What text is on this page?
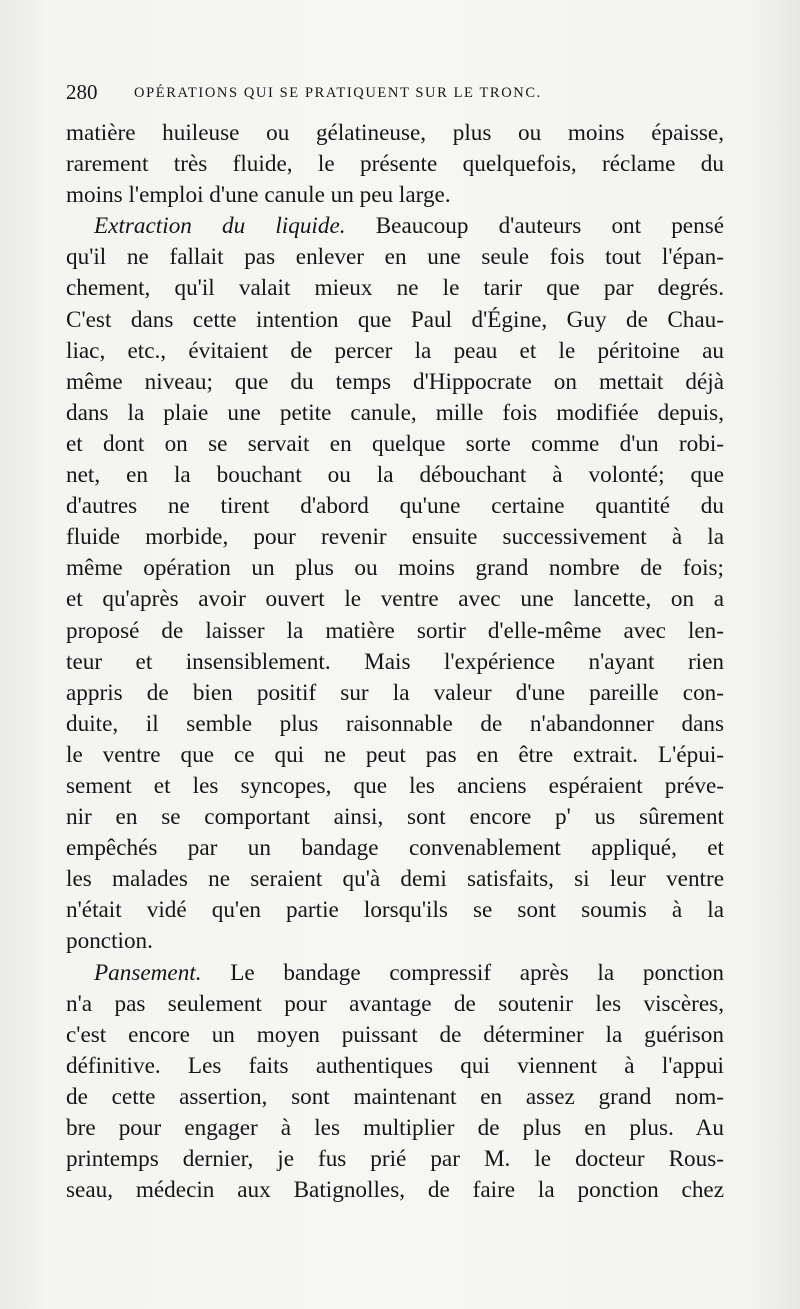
280	OPÉRATIONS QUI SE PRATIQUENT SUR LE TRONC.
matière huileuse ou gélatineuse, plus ou moins épaisse,
rarement très fluide, le présente quelquefois, réclame du
moins l'emploi d'une canule un peu large.
Extraction du liquide. Beaucoup d'auteurs ont pensé
qu'il ne fallait pas enlever en une seule fois tout l'épan-
chement, qu'il valait mieux ne le tarir que par degrés.
C'est dans cette intention que Paul d'Égine, Guy de Chau-
liac, etc., évitaient de percer la peau et le péritoine au
même niveau; que du temps d'Hippocrate on mettait déjà
dans la plaie une petite canule, mille fois modifiée depuis,
et dont on se servait en quelque sorte comme d'un robi-
net, en la bouchant ou la débouchant à volonté; que
d'autres ne tirent d'abord qu'une certaine quantité du
fluide morbide, pour revenir ensuite successivement à la
même opération un plus ou moins grand nombre de fois;
et qu'après avoir ouvert le ventre avec une lancette, on a
proposé de laisser la matière sortir d'elle-même avec len-
teur et insensiblement. Mais l'expérience n'ayant rien
appris de bien positif sur la valeur d'une pareille con-
duite, il semble plus raisonnable de n'abandonner dans
le ventre que ce qui ne peut pas en être extrait. L'épui-
sement et les syncopes, que les anciens espéraient préve-
nir en se comportant ainsi, sont encore p' us sûrement
empêchés par un bandage convenablement appliqué, et
les malades ne seraient qu'à demi satisfaits, si leur ventre
n'était vidé qu'en partie lorsqu'ils se sont soumis à la
ponction.
Pansement. Le bandage compressif après la ponction
n'a pas seulement pour avantage de soutenir les viscères,
c'est encore un moyen puissant de déterminer la guérison
définitive. Les faits authentiques qui viennent à l'appui
de cette assertion, sont maintenant en assez grand nom-
bre pour engager à les multiplier de plus en plus. Au
printemps dernier, je fus prié par M. le docteur Rous-
seau, médecin aux Batignolles, de faire la ponction chez
